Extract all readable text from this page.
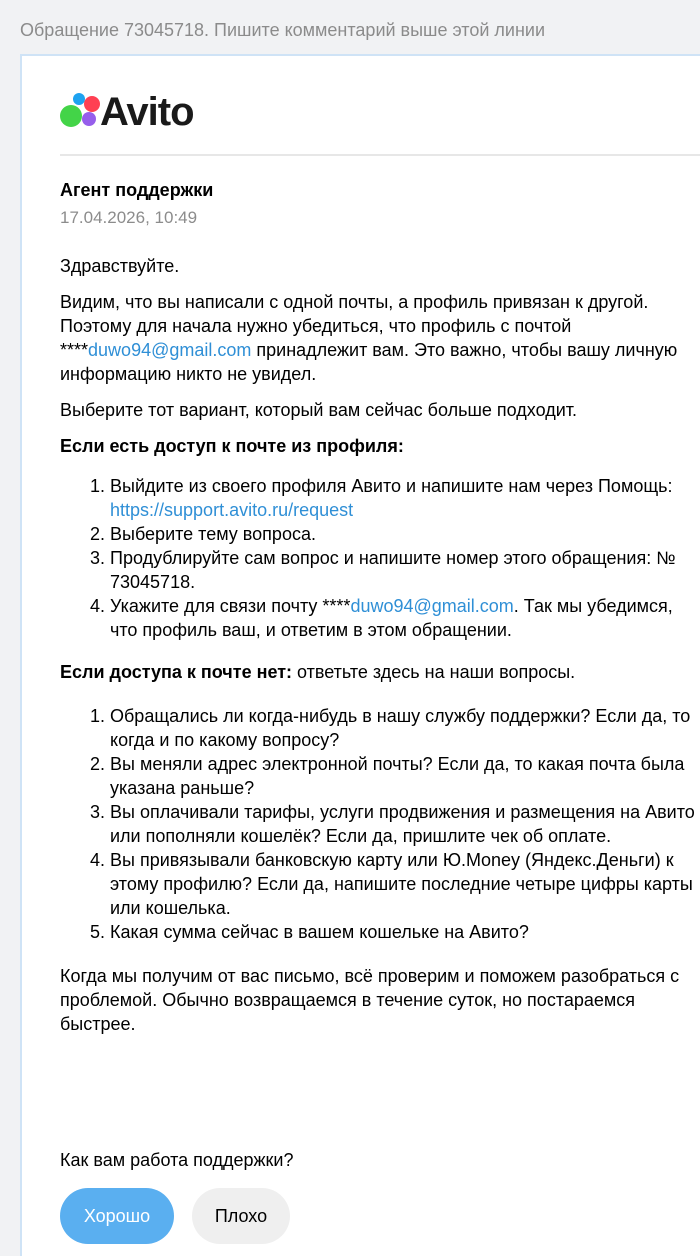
Обращение 73045718. Пишите комментарий выше этой линии
Avito
Агент поддержки
17.04.2026, 10:49
Здравствуйте.

Видим, что вы написали с одной почты, а профиль привязан к другой. Поэтому для начала нужно убедиться, что профиль с почтой ****duwo94@gmail.com принадлежит вам. Это важно, чтобы вашу личную информацию никто не увидел.

Выберите тот вариант, который вам сейчас больше подходит.

Если есть доступ к почте из профиля:

1. Выйдите из своего профиля Авито и напишите нам через Помощь: https://support.avito.ru/request
2. Выберите тему вопроса.
3. Продублируйте сам вопрос и напишите номер этого обращения: № 73045718.
4. Укажите для связи почту ****duwo94@gmail.com. Так мы убедимся, что профиль ваш, и ответим в этом обращении.

Если доступа к почте нет: ответьте здесь на наши вопросы.

1. Обращались ли когда-нибудь в нашу службу поддержки? Если да, то когда и по какому вопросу?
2. Вы меняли адрес электронной почты? Если да, то какая почта была указана раньше?
3. Вы оплачивали тарифы, услуги продвижения и размещения на Авито или пополняли кошелёк? Если да, пришлите чек об оплате.
4. Вы привязывали банковскую карту или Ю.Money (Яндекс.Деньги) к этому профилю? Если да, напишите последние четыре цифры карты или кошелька.
5. Какая сумма сейчас в вашем кошельке на Авито?

Когда мы получим от вас письмо, всё проверим и поможем разобраться с проблемой. Обычно возвращаемся в течение суток, но постараемся быстрее.

Как вам работа поддержки?
Хорошо	Плохо
